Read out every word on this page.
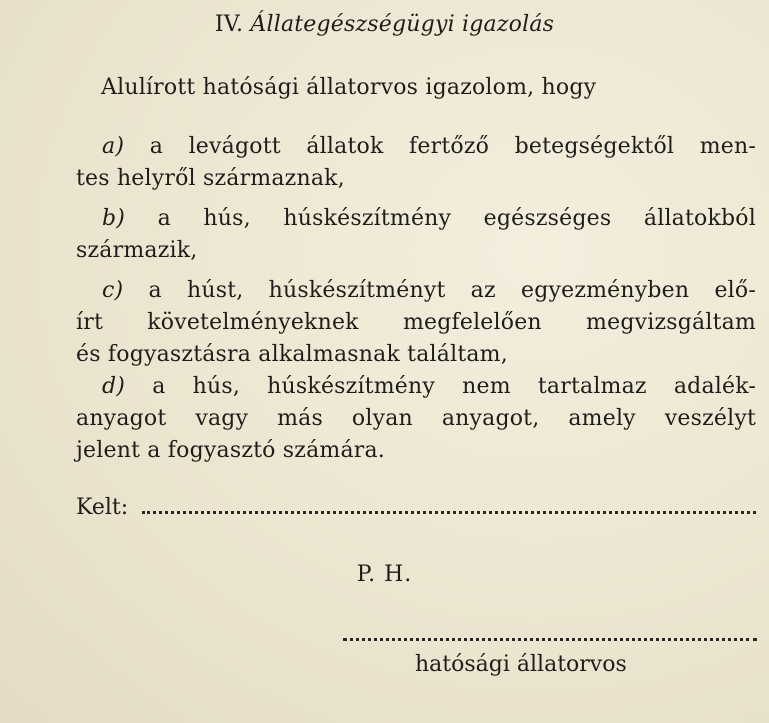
IV. Állategészségügyi igazolás
Alulírott hatósági állatorvos igazolom, hogy
a) a levágott állatok fertőző betegségektől men-
tes helyről származnak,
b) a hús, húskészítmény egészséges állatokból
származik,
c) a húst, húskészítményt az egyezményben elő-
írt követelményeknek megfelelően megvizsgáltam
és fogyasztásra alkalmasnak találtam,
d) a hús, húskészítmény nem tartalmaz adalék-
anyagot vagy más olyan anyagot, amely veszélyt
jelent a fogyasztó számára.
Kelt:
P. H.
hatósági állatorvos
